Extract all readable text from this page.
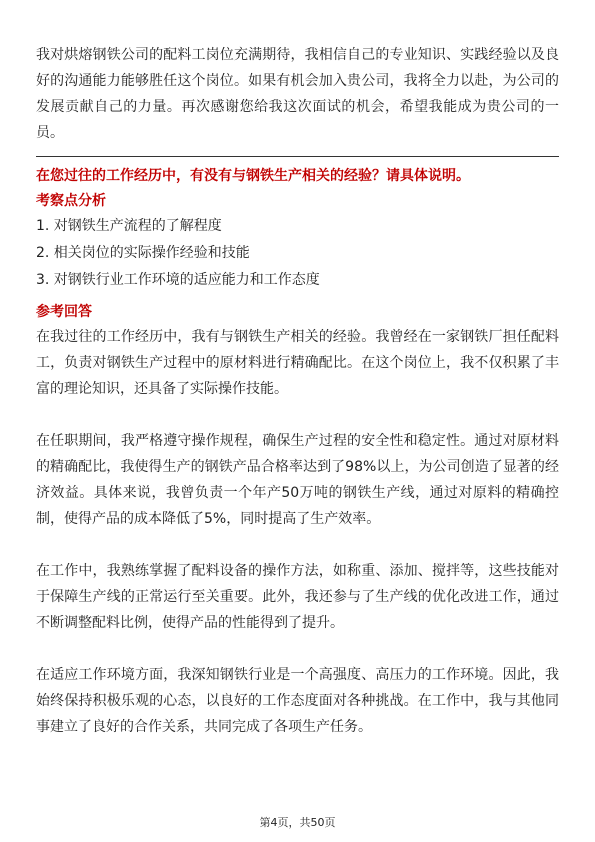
我对烘熔钢铁公司的配料工岗位充满期待，我相信自己的专业知识、实践经验以及良好的沟通能力能够胜任这个岗位。如果有机会加入贵公司，我将全力以赴，为公司的发展贡献自己的力量。再次感谢您给我这次面试的机会，希望我能成为贵公司的一员。

在您过往的工作经历中，有没有与钢铁生产相关的经验？请具体说明。
考察点分析
1. 对钢铁生产流程的了解程度
2. 相关岗位的实际操作经验和技能
3. 对钢铁行业工作环境的适应能力和工作态度
参考回答

在我过往的工作经历中，我有与钢铁生产相关的经验。我曾经在一家钢铁厂担任配料工，负责对钢铁生产过程中的原材料进行精确配比。在这个岗位上，我不仅积累了丰富的理论知识，还具备了实际操作技能。

在任职期间，我严格遵守操作规程，确保生产过程的安全性和稳定性。通过对原材料的精确配比，我使得生产的钢铁产品合格率达到了98%以上，为公司创造了显著的经济效益。具体来说，我曾负责一个年产50万吨的钢铁生产线，通过对原料的精确控制，使得产品的成本降低了5%，同时提高了生产效率。

在工作中，我熟练掌握了配料设备的操作方法，如称重、添加、搅拌等，这些技能对于保障生产线的正常运行至关重要。此外，我还参与了生产线的优化改进工作，通过不断调整配料比例，使得产品的性能得到了提升。

在适应工作环境方面，我深知钢铁行业是一个高强度、高压力的工作环境。因此，我始终保持积极乐观的心态，以良好的工作态度面对各种挑战。在工作中，我与其他同事建立了良好的合作关系，共同完成了各项生产任务。

第4页，共50页
